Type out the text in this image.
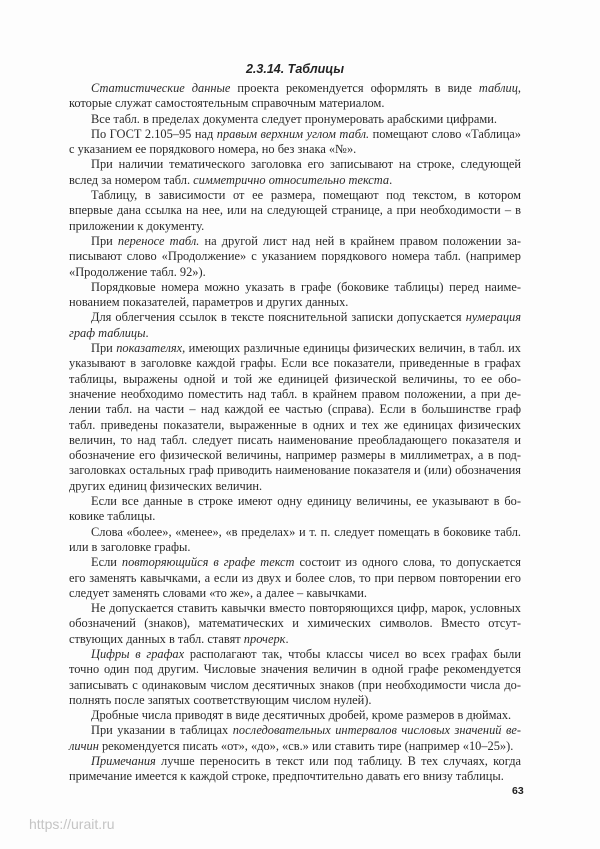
2.3.14. Таблицы

Статистические данные проекта рекомендуется оформлять в виде таблиц, которые служат самостоятельным справочным материалом.

Все табл. в пределах документа следует пронумеровать арабскими цифрами.

По ГОСТ 2.105–95 над правым верхним углом табл. помещают слово «Таблица» с указанием ее порядкового номера, но без знака «№».

При наличии тематического заголовка его записывают на строке, следующей вслед за номером табл. симметрично относительно текста.

Таблицу, в зависимости от ее размера, помещают под текстом, в котором впервые дана ссылка на нее, или на следующей странице, а при необходимости – в приложении к документу.

При переносе табл. на другой лист над ней в крайнем правом положении записывают слово «Продолжение» с указанием порядкового номера табл. (например «Продолжение табл. 92»).

Порядковые номера можно указать в графе (боковике таблицы) перед наименованием показателей, параметров и других данных.

Для облегчения ссылок в тексте пояснительной записки допускается нумерация граф таблицы.

При показателях, имеющих различные единицы физических величин, в табл. их указывают в заголовке каждой графы. Если все показатели, приведенные в графах таблицы, выражены одной и той же единицей физической величины, то ее обозначение необходимо поместить над табл. в крайнем правом положении, а при делении табл. на части – над каждой ее частью (справа). Если в большинстве граф табл. приведены показатели, выраженные в одних и тех же единицах физических величин, то над табл. следует писать наименование преобладающего показателя и обозначение его физической величины, например размеры в миллиметрах, а в подзаголовках остальных граф приводить наименование показателя и (или) обозначения других единиц физических величин.

Если все данные в строке имеют одну единицу величины, ее указывают в боковике таблицы.

Слова «более», «менее», «в пределах» и т. п. следует помещать в боковике табл. или в заголовке графы.

Если повторяющийся в графе текст состоит из одного слова, то допускается его заменять кавычками, а если из двух и более слов, то при первом повторении его следует заменять словами «то же», а далее – кавычками.

Не допускается ставить кавычки вместо повторяющихся цифр, марок, условных обозначений (знаков), математических и химических символов. Вместо отсутствующих данных в табл. ставят прочерк.

Цифры в графах располагают так, чтобы классы чисел во всех графах были точно один под другим. Числовые значения величин в одной графе рекомендуется записывать с одинаковым числом десятичных знаков (при необходимости числа дополнять после запятых соответствующим числом нулей).

Дробные числа приводят в виде десятичных дробей, кроме размеров в дюймах.

При указании в таблицах последовательных интервалов числовых значений величин рекомендуется писать «от», «до», «св.» или ставить тире (например «10–25»).

Примечания лучше переносить в текст или под таблицу. В тех случаях, когда примечание имеется к каждой строке, предпочтительно давать его внизу таблицы.

63
https://urait.ru
